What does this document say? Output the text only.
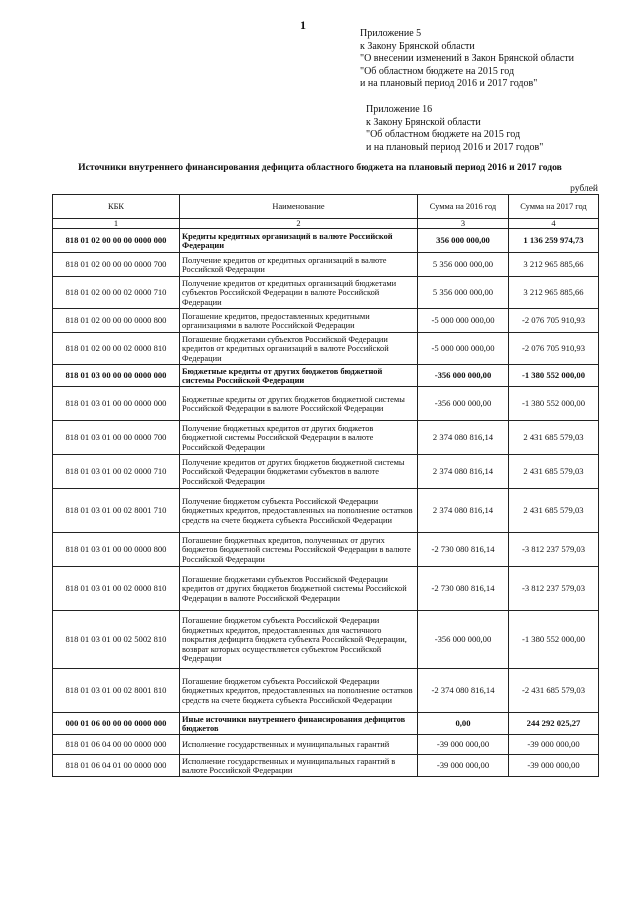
1
Приложение 5
к Закону Брянской области
"О внесении изменений в Закон Брянской области
"Об областном бюджете на 2015 год
и на плановый период 2016 и 2017 годов"
Приложение 16
к Закону Брянской области
"Об областном бюджете на 2015 год
и на плановый период 2016 и 2017 годов"
Источники внутреннего финансирования дефицита областного бюджета на плановый период 2016 и 2017 годов
рублей
КБК	Наименование	Сумма на 2016 год	Сумма на 2017 год
1	2	3	4
818 01 02 00 00 00 0000 000	Кредиты кредитных организаций в валюте Российской Федерации	356 000 000,00	1 136 259 974,73
818 01 02 00 00 00 0000 700	Получение кредитов от кредитных организаций в валюте Российской Федерации	5 356 000 000,00	3 212 965 885,66
818 01 02 00 00 02 0000 710	Получение кредитов от кредитных организаций бюджетами субъектов Российской Федерации в валюте Российской Федерации	5 356 000 000,00	3 212 965 885,66
818 01 02 00 00 00 0000 800	Погашение кредитов, предоставленных кредитными организациями в валюте Российской Федерации	-5 000 000 000,00	-2 076 705 910,93
818 01 02 00 00 02 0000 810	Погашение бюджетами субъектов Российской Федерации кредитов от кредитных организаций в валюте Российской Федерации	-5 000 000 000,00	-2 076 705 910,93
818 01 03 00 00 00 0000 000	Бюджетные кредиты от других бюджетов бюджетной системы Российской Федерации	-356 000 000,00	-1 380 552 000,00
818 01 03 01 00 00 0000 000	Бюджетные кредиты от других бюджетов бюджетной системы Российской Федерации в валюте Российской Федерации	-356 000 000,00	-1 380 552 000,00
818 01 03 01 00 00 0000 700	Получение бюджетных кредитов от других бюджетов бюджетной системы Российской Федерации в валюте Российской Федерации	2 374 080 816,14	2 431 685 579,03
818 01 03 01 00 02 0000 710	Получение кредитов от других бюджетов бюджетной системы Российской Федерации бюджетами субъектов в валюте Российской Федерации	2 374 080 816,14	2 431 685 579,03
818 01 03 01 00 02 8001 710	Получение бюджетом субъекта Российской Федерации бюджетных кредитов, предоставленных на пополнение остатков средств на счете бюджета субъекта Российской Федерации	2 374 080 816,14	2 431 685 579,03
818 01 03 01 00 00 0000 800	Погашение бюджетных кредитов, полученных от других бюджетов бюджетной системы Российской Федерации в валюте Российской Федерации	-2 730 080 816,14	-3 812 237 579,03
818 01 03 01 00 02 0000 810	Погашение бюджетами субъектов Российской Федерации кредитов от других бюджетов бюджетной системы Российской Федерации в валюте Российской Федерации	-2 730 080 816,14	-3 812 237 579,03
818 01 03 01 00 02 5002 810	Погашение бюджетом субъекта Российской Федерации бюджетных кредитов, предоставленных для частичного покрытия дефицита бюджета субъекта Российской Федерации, возврат которых осуществляется субъектом Российской Федерации	-356 000 000,00	-1 380 552 000,00
818 01 03 01 00 02 8001 810	Погашение бюджетом субъекта Российской Федерации бюджетных кредитов, предоставленных на пополнение остатков средств на счете бюджета субъекта Российской Федерации	-2 374 080 816,14	-2 431 685 579,03
000 01 06 00 00 00 0000 000	Иные источники внутреннего финансирования дефицитов бюджетов	0,00	244 292 025,27
818 01 06 04 00 00 0000 000	Исполнение государственных и муниципальных гарантий	-39 000 000,00	-39 000 000,00
818 01 06 04 01 00 0000 000	Исполнение государственных и муниципальных гарантий в валюте Российской Федерации	-39 000 000,00	-39 000 000,00
